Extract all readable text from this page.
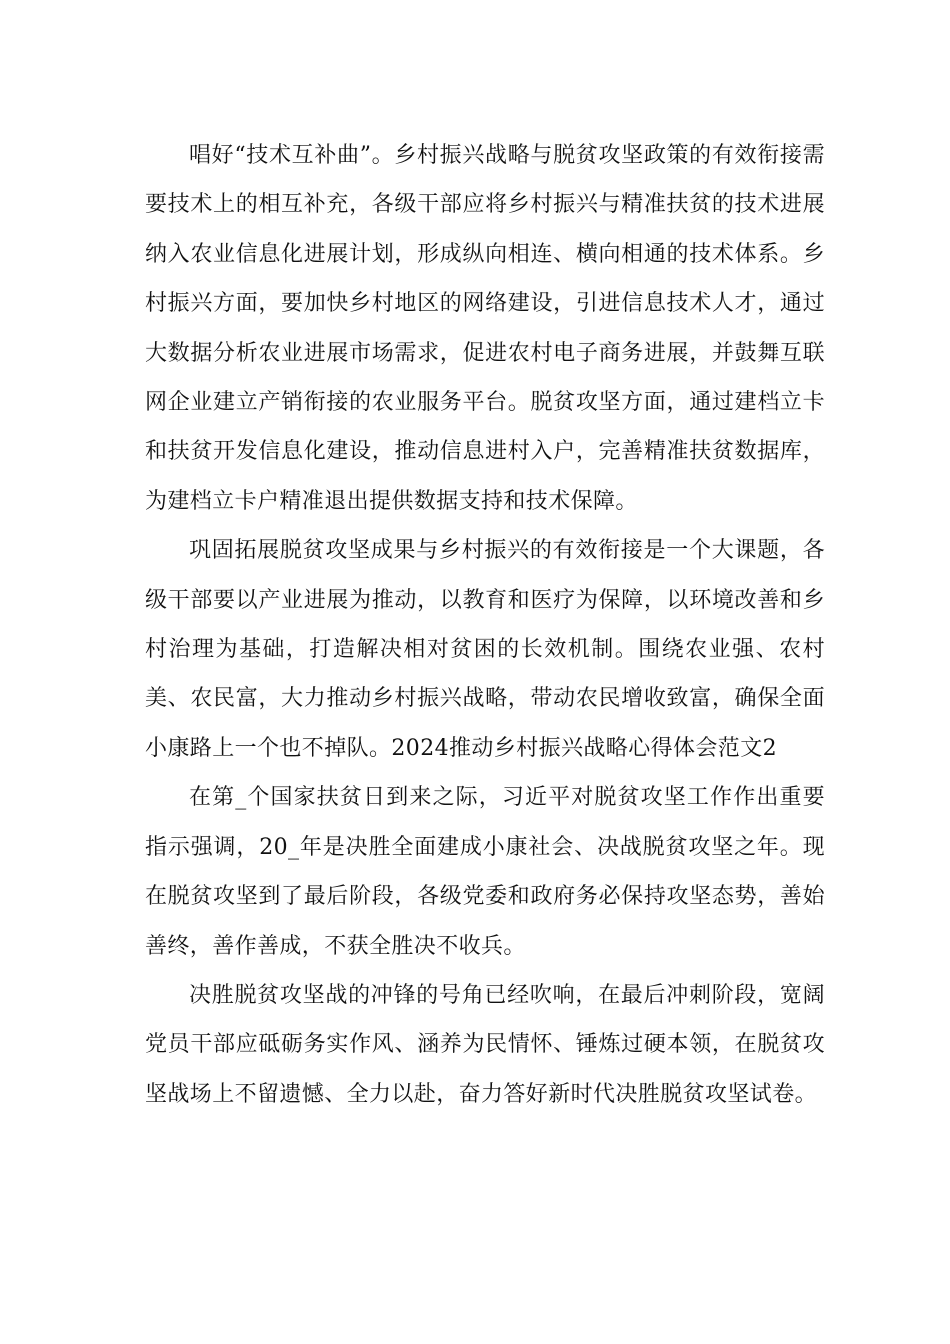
唱好“技术互补曲”。乡村振兴战略与脱贫攻坚政策的有效衔接需要技术上的相互补充，各级干部应将乡村振兴与精准扶贫的技术进展纳入农业信息化进展计划，形成纵向相连、横向相通的技术体系。乡村振兴方面，要加快乡村地区的网络建设，引进信息技术人才，通过大数据分析农业进展市场需求，促进农村电子商务进展，并鼓舞互联网企业建立产销衔接的农业服务平台。脱贫攻坚方面，通过建档立卡和扶贫开发信息化建设，推动信息进村入户，完善精准扶贫数据库，为建档立卡户精准退出提供数据支持和技术保障。

巩固拓展脱贫攻坚成果与乡村振兴的有效衔接是一个大课题，各级干部要以产业进展为推动，以教育和医疗为保障，以环境改善和乡村治理为基础，打造解决相对贫困的长效机制。围绕农业强、农村美、农民富，大力推动乡村振兴战略，带动农民增收致富，确保全面小康路上一个也不掉队。2024推动乡村振兴战略心得体会范文2

在第_个国家扶贫日到来之际，习近平对脱贫攻坚工作作出重要指示强调，20_年是决胜全面建成小康社会、决战脱贫攻坚之年。现在脱贫攻坚到了最后阶段，各级党委和政府务必保持攻坚态势，善始善终，善作善成，不获全胜决不收兵。

决胜脱贫攻坚战的冲锋的号角已经吹响，在最后冲刺阶段，宽阔党员干部应砥砺务实作风、涵养为民情怀、锤炼过硬本领，在脱贫攻坚战场上不留遗憾、全力以赴，奋力答好新时代决胜脱贫攻坚试卷。
